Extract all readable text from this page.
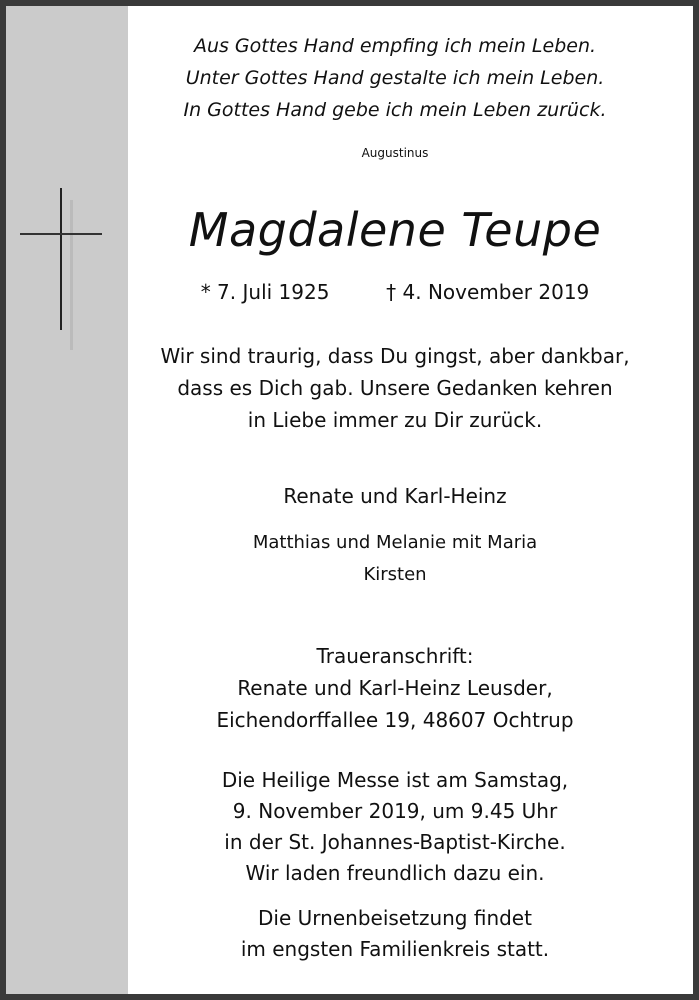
Aus Gottes Hand empfing ich mein Leben.
Unter Gottes Hand gestalte ich mein Leben.
In Gottes Hand gebe ich mein Leben zurück.
Augustinus
Magdalene Teupe
* 7. Juli 1925	† 4. November 2019
Wir sind traurig, dass Du gingst, aber dankbar,
dass es Dich gab. Unsere Gedanken kehren
in Liebe immer zu Dir zurück.
Renate und Karl-Heinz
Matthias und Melanie mit Maria
Kirsten
Traueranschrift:
Renate und Karl-Heinz Leusder,
Eichendorffallee 19, 48607 Ochtrup
Die Heilige Messe ist am Samstag,
9. November 2019, um 9.45 Uhr
in der St. Johannes-Baptist-Kirche.
Wir laden freundlich dazu ein.
Die Urnenbeisetzung findet
im engsten Familienkreis statt.
